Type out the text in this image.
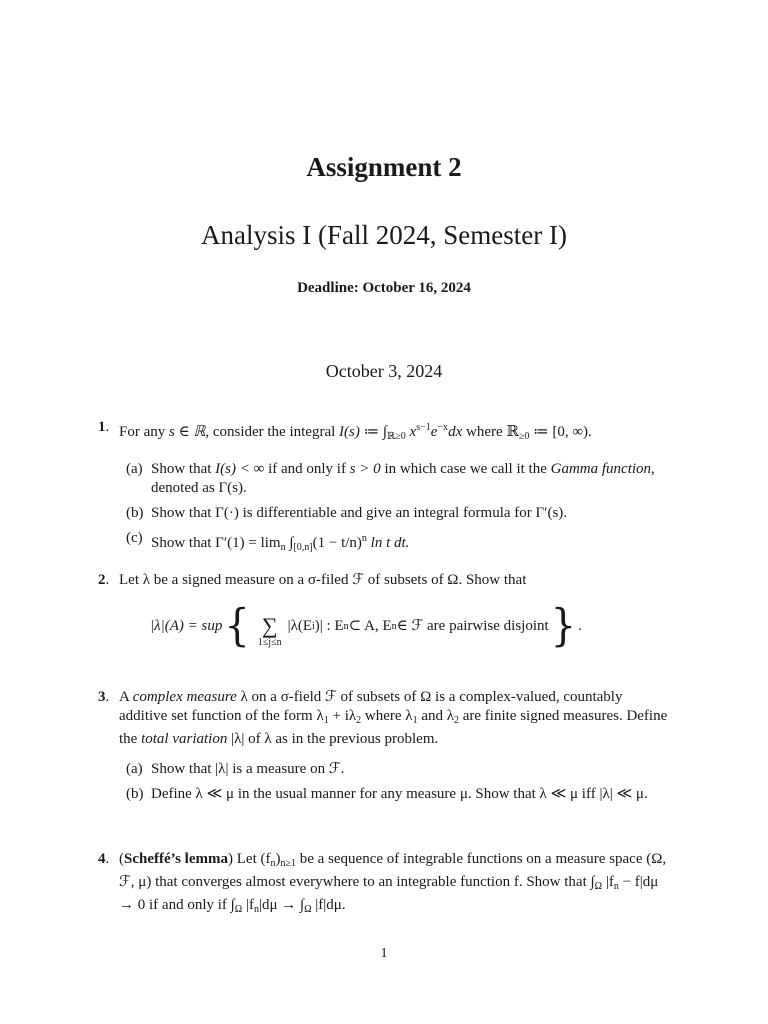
Assignment 2
Analysis I (Fall 2024, Semester I)
Deadline: October 16, 2024
October 3, 2024
1. For any s ∈ ℝ, consider the integral I(s) ≔ $\int_{ℝ\ge 0}$ $x^{s-1}e^{-x}dx$ where ℝ$_{\ge 0}$ ≔ [0, ∞).
(a) Show that I(s) < ∞ if and only if s > 0 in which case we call it the Gamma function, denoted as Γ(s).
(b) Show that Γ(·) is differentiable and give an integral formula for Γ′(s).
(c) Show that $\Gamma'(1) = \lim_n \int_{[0,n]}(1 - t/n)^n$ ln t dt.
2. Let λ be a signed measure on a σ-filed ℱ of subsets of Ω. Show that
|λ|(A) = sup { ∑
1≤j≤n
|λ(E i )| : E n ⊂ A, E n ∈ ℱ are pairwise disjoint } .
3. A complex measure λ on a σ-field ℱ of subsets of Ω is a complex-valued, countably additive set function of the form $\lambda_1 + i\lambda_2$ where $\lambda_1$ and $\lambda_2$ are finite signed measures. Define the total variation |λ| of λ as in the previous problem.
(a) Show that |λ| is a measure on ℱ.
(b) Define λ ≪ μ in the usual manner for any measure μ. Show that λ ≪ μ iff |λ| ≪ μ.
4. (Scheffé’s lemma) Let $(f_n)_{n\ge 1}$ be a sequence of integrable functions on a measure space (Ω, ℱ, μ) that converges almost everywhere to an integrable function f. Show that $\int_\Omega$ $|f_n - f|d\mu \to 0$ if and only if $\int_\Omega$ $|f_n|d\mu \to \int_\Omega$ |f|dμ.
1
